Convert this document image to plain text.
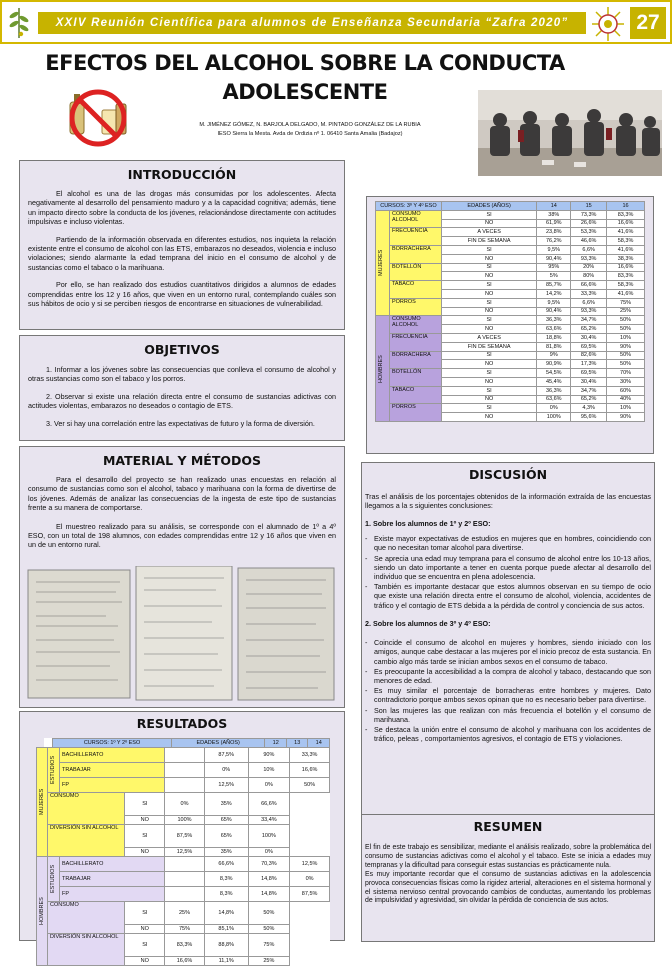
XXIV Reunión Científica para alumnos de Enseñanza Secundaria “Zafra 2020”	27
EFECTOS DEL ALCOHOL SOBRE LA CONDUCTA ADOLESCENTE
M. JIMÉNEZ GÓMEZ, N. BARJOLA DELGADO, M. PINTADO GONZÁLEZ DE LA RUBIA
IESO Sierra la Mesta. Avda de Ordizia nº 1. 06410 Santa Amalia (Badajoz)
INTRODUCCIÓN

El alcohol es una de las drogas más consumidas por los adolescentes. Afecta negativamente al desarrollo del pensamiento maduro y a la capacidad cognitiva; además, tiene un impacto directo sobre la conducta de los jóvenes, relacionándose directamente con actitudes impulsivas e incluso violentas.

Partiendo de la información observada en diferentes estudios, nos inquieta la relación existente entre el consumo de alcohol con las ETS, embarazos no deseados, violencia e incluso violaciones; siendo alarmante la edad temprana del inicio en el consumo de alcohol y de sustancias como el tabaco o la marihuana.

Por ello, se han realizado dos estudios cuantitativos dirigidos a alumnos de edades comprendidas entre los 12 y 16 años, que viven en un entorno rural, contemplando cuáles son sus hábitos de ocio y si se perciben riesgos de encontrarse en situaciones de vulnerabilidad.

OBJETIVOS

1. Informar a los jóvenes sobre las consecuencias que conlleva el consumo de alcohol y otras sustancias como son el tabaco y los porros.

2. Observar si existe una relación directa entre el consumo de sustancias adictivas con actitudes violentas, embarazos no deseados o contagio de ETS.

3. Ver si hay una correlación entre las expectativas de futuro y la forma de diversión.

MATERIAL Y MÉTODOS

Para el desarrollo del proyecto se han realizado unas encuestas en relación al consumo de sustancias como son el alcohol, tabaco y marihuana con la forma de divertirse de los jóvenes. Además de analizar las consecuencias de la ingesta de este tipo de sustancias frente a su manera de comportarse.

El muestreo realizado para su análisis, se corresponde con el alumnado de 1º a 4º ESO, con un total de 198 alumnos, con edades comprendidas entre 12 y 16 años que viven en un de un entorno rural.

RESULTADOS
	CURSOS: 1º Y 2º ESO	EDADES (AÑOS)	12	13	14
MUJERES	ESTUDIOS	BACHILLERATO			87,5%	90%	33,3%
		TRABAJAR			0%	10%	16,6%
		FP			12,5%	0%	50%
	CONSUMO		SI	0%	35%	66,6%	
			NO	100%	65%	33,4%	
	DIVERSIÓN SIN ALCOHOL		SI	87,5%	65%	100%	
			NO	12,5%	35%	0%	

HOMBRES	ESTUDIOS	BACHILLERATO			66,6%	70,3%	12,5%
		TRABAJAR			8,3%	14,8%	0%
		FP			8,3%	14,8%	87,5%
	CONSUMO		SI	25%	14,8%	50%	
			NO	75%	85,1%	50%	
	DIVERSIÓN SIN ALCOHOL		SI	83,3%	88,8%	75%	
			NO	16,6%	11,1%	25%	
CURSOS: 3º Y 4º ESO		EDADES (AÑOS)	14	15	16

MUJERES	CONSUMO ALCOHOL	SI	38%	73,3%	83,3%
		NO	61,9%	26,6%	16,6%
	FRECUENCIA	A VECES	23,8%	53,3%	41,6%
		FIN DE SEMANA	76,2%	46,6%	58,3%
	BORRACHERA	SI	9,5%	6,6%	41,6%
		NO	90,4%	93,3%	38,3%
	BOTELLÓN	SI	95%	20%	16,6%
		NO	5%	80%	83,3%
	TABACO	SI	85,7%	66,6%	58,3%
		NO	14,2%	33,3%	41,6%
	PORROS	SI	9,5%	6,6%	75%
		NO	90,4%	93,3%	25%

HOMBRES	CONSUMO ALCOHOL	SI	36,3%	34,7%	50%
		NO	63,6%	65,2%	50%
	FRECUENCIA	A VECES	18,8%	30,4%	10%
		FIN DE SEMANA	81,8%	69,5%	90%
	BORRACHERA	SI	9%	82,6%	50%
		NO	90,9%	17,3%	50%
	BOTELLÓN	SI	54,5%	69,5%	70%
		NO	45,4%	30,4%	30%
	TABACO	SI	36,3%	34,7%	60%
		NO	63,6%	65,2%	40%
	PORROS	SI	0%	4,3%	10%
		NO	100%	95,6%	90%
DISCUSIÓN

Tras el análisis de los porcentajes obtenidos de la información extraída de las encuestas llegamos a la s siguientes conclusiones:

1. Sobre los alumnos de 1º y 2º ESO:

- Existe mayor expectativas de estudios en mujeres que en hombres, coincidiendo con que no necesitan tomar alcohol para divertirse.
- Se aprecia una edad muy temprana para el consumo de alcohol entre los 10-13 años, siendo un dato importante a tener en cuenta porque puede afectar al desarrollo del individuo que se encuentra en plena adolescencia.
- También es importante destacar que estos alumnos observan en su tiempo de ocio que existe una relación directa entre el consumo de alcohol, violencia, accidentes de tráfico y el contagio de ETS debida a la pérdida de control y conciencia de sus actos.

2. Sobre los alumnos de 3º y 4º ESO:

- Coincide el consumo de alcohol en mujeres y hombres, siendo iniciado con los amigos, aunque cabe destacar a las mujeres por el inicio precoz de esta sustancia. En cambio algo más tarde se inician ambos sexos en el consumo de tabaco.
- Es preocupante la accesibilidad a la compra de alcohol y tabaco, destacando que son menores de edad.
- Es muy similar el porcentaje de borracheras entre hombres y mujeres. Dato contradictorio porque ambos sexos opinan que no es necesario beber para divertirse.
- Son las mujeres las que realizan con más frecuencia el botellón y el consumo de marihuana.
- Se destaca la unión entre el consumo de alcohol y marihuana con los accidentes de tráfico, peleas , comportamientos agresivos, el contagio de ETS y violaciones.
RESUMEN

El fin de este trabajo es sensibilizar, mediante el análisis realizado, sobre la problemática del consumo de sustancias adictivas como el alcohol y el tabaco. Este se inicia a edades muy tempranas y la dificultad para conseguir estas sustancias es prácticamente nula.

Es muy importante recordar que el consumo de sustancias adictivas en la adolescencia provoca consecuencias físicas como la rigidez arterial, alteraciones en el sistema hormonal y el sistema nervioso central provocando cambios de conductas, aumentando los problemas de impulsividad y agresividad, sin olvidar la pérdida de conciencia de sus actos.
